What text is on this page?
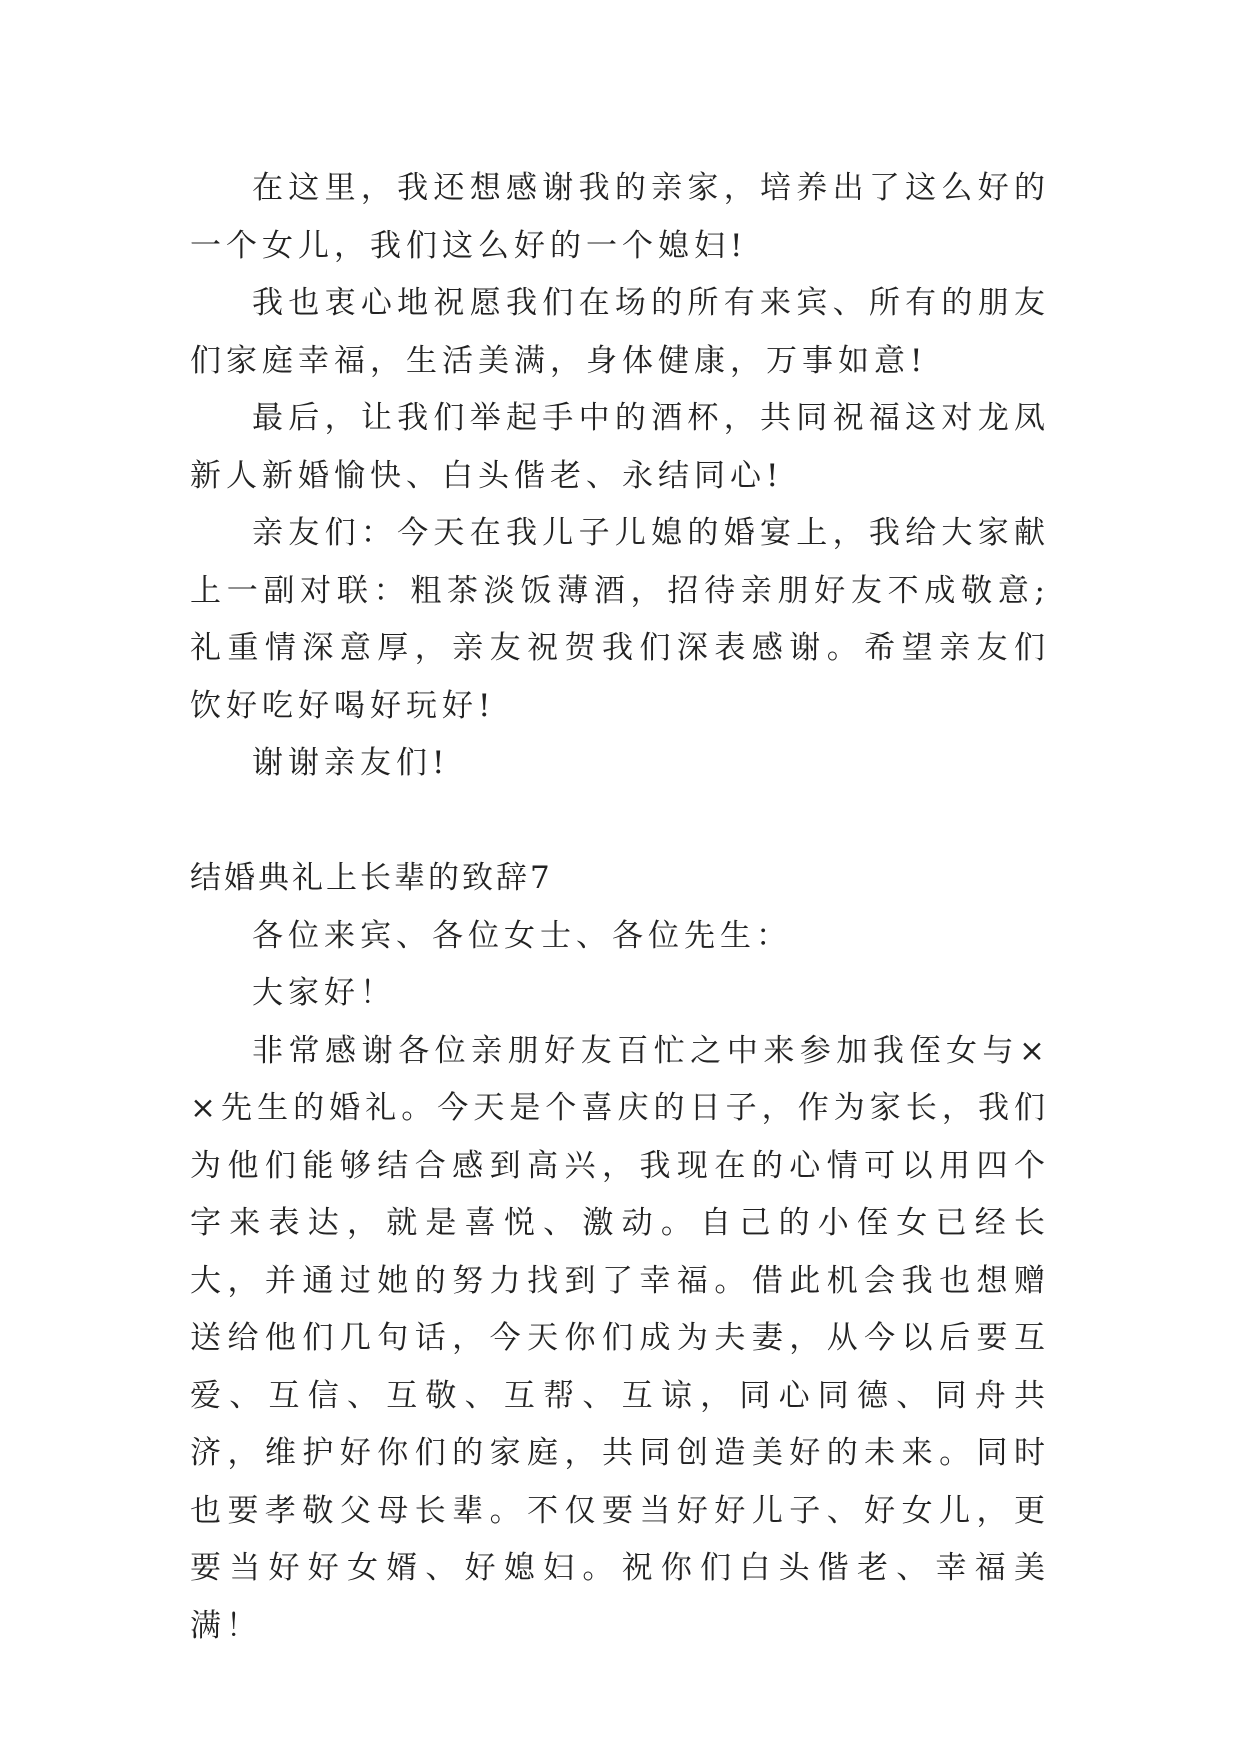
在这里，我还想感谢我的亲家，培养出了这么好的一个女儿，我们这么好的一个媳妇!

我也衷心地祝愿我们在场的所有来宾、所有的朋友们家庭幸福，生活美满，身体健康，万事如意!

最后，让我们举起手中的酒杯，共同祝福这对龙凤新人新婚愉快、白头偕老、永结同心!

亲友们：今天在我儿子儿媳的婚宴上，我给大家献上一副对联：粗茶淡饭薄酒，招待亲朋好友不成敬意;礼重情深意厚，亲友祝贺我们深表感谢。希望亲友们饮好吃好喝好玩好!

谢谢亲友们!

结婚典礼上长辈的致辞7

各位来宾、各位女士、各位先生：

大家好！

非常感谢各位亲朋好友百忙之中来参加我侄女与××先生的婚礼。今天是个喜庆的日子，作为家长，我们为他们能够结合感到高兴，我现在的心情可以用四个字来表达，就是喜悦、激动。自己的小侄女已经长大，并通过她的努力找到了幸福。借此机会我也想赠送给他们几句话，今天你们成为夫妻，从今以后要互爱、互信、互敬、互帮、互谅，同心同德、同舟共济，维护好你们的家庭，共同创造美好的未来。同时也要孝敬父母长辈。不仅要当好好儿子、好女儿，更要当好好女婿、好媳妇。祝你们白头偕老、幸福美满！
